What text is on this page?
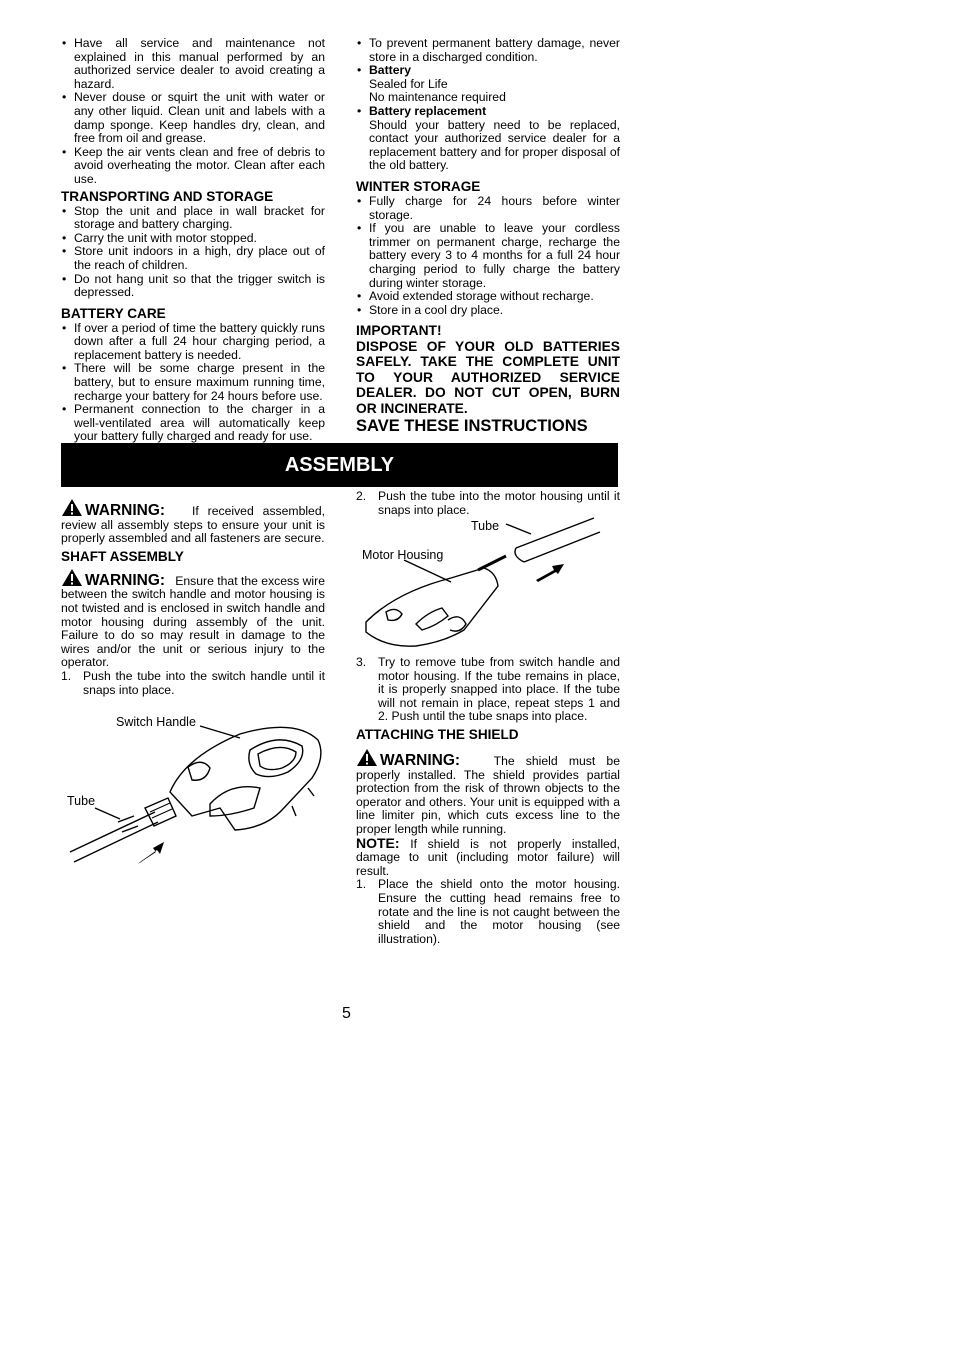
• Have all service and maintenance not explained in this manual performed by an authorized service dealer to avoid creating a hazard.
• Never douse or squirt the unit with water or any other liquid. Clean unit and labels with a damp sponge. Keep handles dry, clean, and free from oil and grease.
• Keep the air vents clean and free of debris to avoid overheating the motor. Clean after each use.
TRANSPORTING AND STORAGE
• Stop the unit and place in wall bracket for storage and battery charging.
• Carry the unit with motor stopped.
• Store unit indoors in a high, dry place out of the reach of children.
• Do not hang unit so that the trigger switch is depressed.
BATTERY CARE
• If over a period of time the battery quickly runs down after a full 24 hour charging period, a replacement battery is needed.
• There will be some charge present in the battery, but to ensure maximum running time, recharge your battery for 24 hours before use.
• Permanent connection to the charger in a well-ventilated area will automatically keep your battery fully charged and ready for use.
• To prevent permanent battery damage, never store in a discharged condition.
• Battery
Sealed for Life
No maintenance required
• Battery replacement
Should your battery need to be replaced, contact your authorized service dealer for a replacement battery and for proper disposal of the old battery.
WINTER STORAGE
• Fully charge for 24 hours before winter storage.
• If you are unable to leave your cordless trimmer on permanent charge, recharge the battery every 3 to 4 months for a full 24 hour charging period to fully charge the battery during winter storage.
• Avoid extended storage without recharge.
• Store in a cool dry place.
IMPORTANT!
DISPOSE OF YOUR OLD BATTERIES SAFELY. TAKE THE COMPLETE UNIT TO YOUR AUTHORIZED SERVICE DEALER. DO NOT CUT OPEN, BURN OR INCINERATE.
SAVE THESE INSTRUCTIONS
ASSEMBLY

WARNING: If received assembled, review all assembly steps to ensure your unit is properly assembled and all fasteners are secure.

SHAFT ASSEMBLY

WARNING: Ensure that the excess wire between the switch handle and motor housing is not twisted and is enclosed in switch handle and motor housing during assembly of the unit. Failure to do so may result in damage to the wires and/or the unit or serious injury to the operator.

1. Push the tube into the switch handle until it snaps into place.
Switch Handle
Tube
2. Push the tube into the motor housing until it snaps into place.
Tube
Motor Housing
3. Try to remove tube from switch handle and motor housing. If the tube remains in place, it is properly snapped into place. If the tube will not remain in place, repeat steps 1 and 2. Push until the tube snaps into place.
ATTACHING THE SHIELD

WARNING:	The shield must be properly installed. The shield provides partial protection from the risk of thrown objects to the operator and others. Your unit is equipped with a line limiter pin, which cuts excess line to the proper length while running.

NOTE: If shield is not properly installed, damage to unit (including motor failure) will result.

1. Place the shield onto the motor housing. Ensure the cutting head remains free to rotate and the line is not caught between the shield and the motor housing (see illustration).
5
